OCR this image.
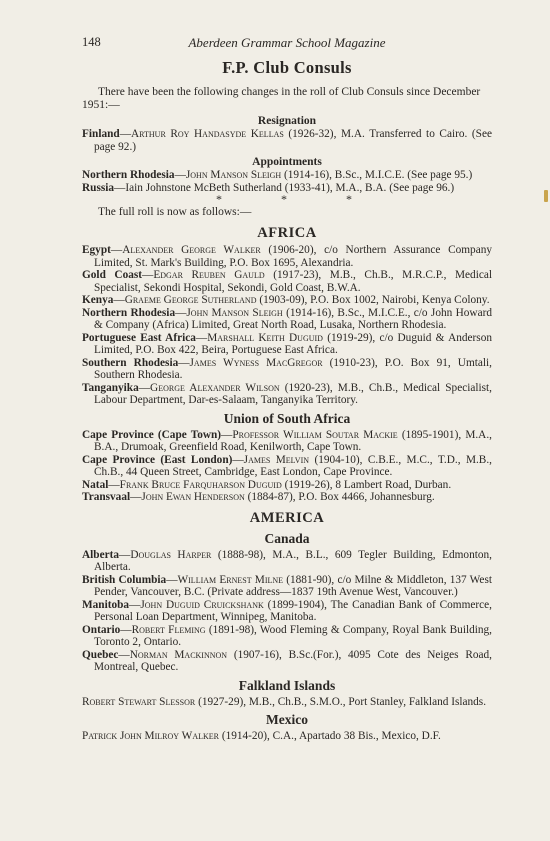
148	Aberdeen Grammar School Magazine
F.P. Club Consuls

There have been the following changes in the roll of Club Consuls since December 1951:—

Resignation

Finland—Arthur Roy Handasyde Kellas (1926-32), M.A. Transferred to Cairo. (See page 92.)

Appointments

Northern Rhodesia—John Manson Sleigh (1914-16), B.Sc., M.I.C.E. (See page 95.)

Russia—Iain Johnstone McBeth Sutherland (1933-41), M.A., B.A. (See page 96.)

* * *

The full roll is now as follows:—

AFRICA

Egypt—Alexander George Walker (1906-20), c/o Northern Assurance Company Limited, St. Mark's Building, P.O. Box 1695, Alexandria.

Gold Coast—Edgar Reuben Gauld (1917-23), M.B., Ch.B., M.R.C.P., Medical Specialist, Sekondi Hospital, Sekondi, Gold Coast, B.W.A.

Kenya—Graeme George Sutherland (1903-09), P.O. Box 1002, Nairobi, Kenya Colony.

Northern Rhodesia—John Manson Sleigh (1914-16), B.Sc., M.I.C.E., c/o John Howard & Company (Africa) Limited, Great North Road, Lusaka, Northern Rhodesia.

Portuguese East Africa—Marshall Keith Duguid (1919-29), c/o Duguid & Anderson Limited, P.O. Box 422, Beira, Portuguese East Africa.

Southern Rhodesia—James Wyness MacGregor (1910-23), P.O. Box 91, Umtali, Southern Rhodesia.

Tanganyika—George Alexander Wilson (1920-23), M.B., Ch.B., Medical Specialist, Labour Department, Dar-es-Salaam, Tanganyika Territory.

Union of South Africa

Cape Province (Cape Town)—Professor William Soutar Mackie (1895-1901), M.A., B.A., Drumoak, Greenfield Road, Kenilworth, Cape Town.

Cape Province (East London)—James Melvin (1904-10), C.B.E., M.C., T.D., M.B., Ch.B., 44 Queen Street, Cambridge, East London, Cape Province.

Natal—Frank Bruce Farquharson Duguid (1919-26), 8 Lambert Road, Durban.

Transvaal—John Ewan Henderson (1884-87), P.O. Box 4466, Johannesburg.

AMERICA
Canada

Alberta—Douglas Harper (1888-98), M.A., B.L., 609 Tegler Building, Edmonton, Alberta.

British Columbia—William Ernest Milne (1881-90), c/o Milne & Middleton, 137 West Pender, Vancouver, B.C. (Private address—1837 19th Avenue West, Vancouver.)

Manitoba—John Duguid Cruickshank (1899-1904), The Canadian Bank of Commerce, Personal Loan Department, Winnipeg, Manitoba.

Ontario—Robert Fleming (1891-98), Wood Fleming & Company, Royal Bank Building, Toronto 2, Ontario.

Quebec—Norman Mackinnon (1907-16), B.Sc.(For.), 4095 Cote des Neiges Road, Montreal, Quebec.

Falkland Islands

Robert Stewart Slessor (1927-29), M.B., Ch.B., S.M.O., Port Stanley, Falkland Islands.

Mexico

Patrick John Milroy Walker (1914-20), C.A., Apartado 38 Bis., Mexico, D.F.
